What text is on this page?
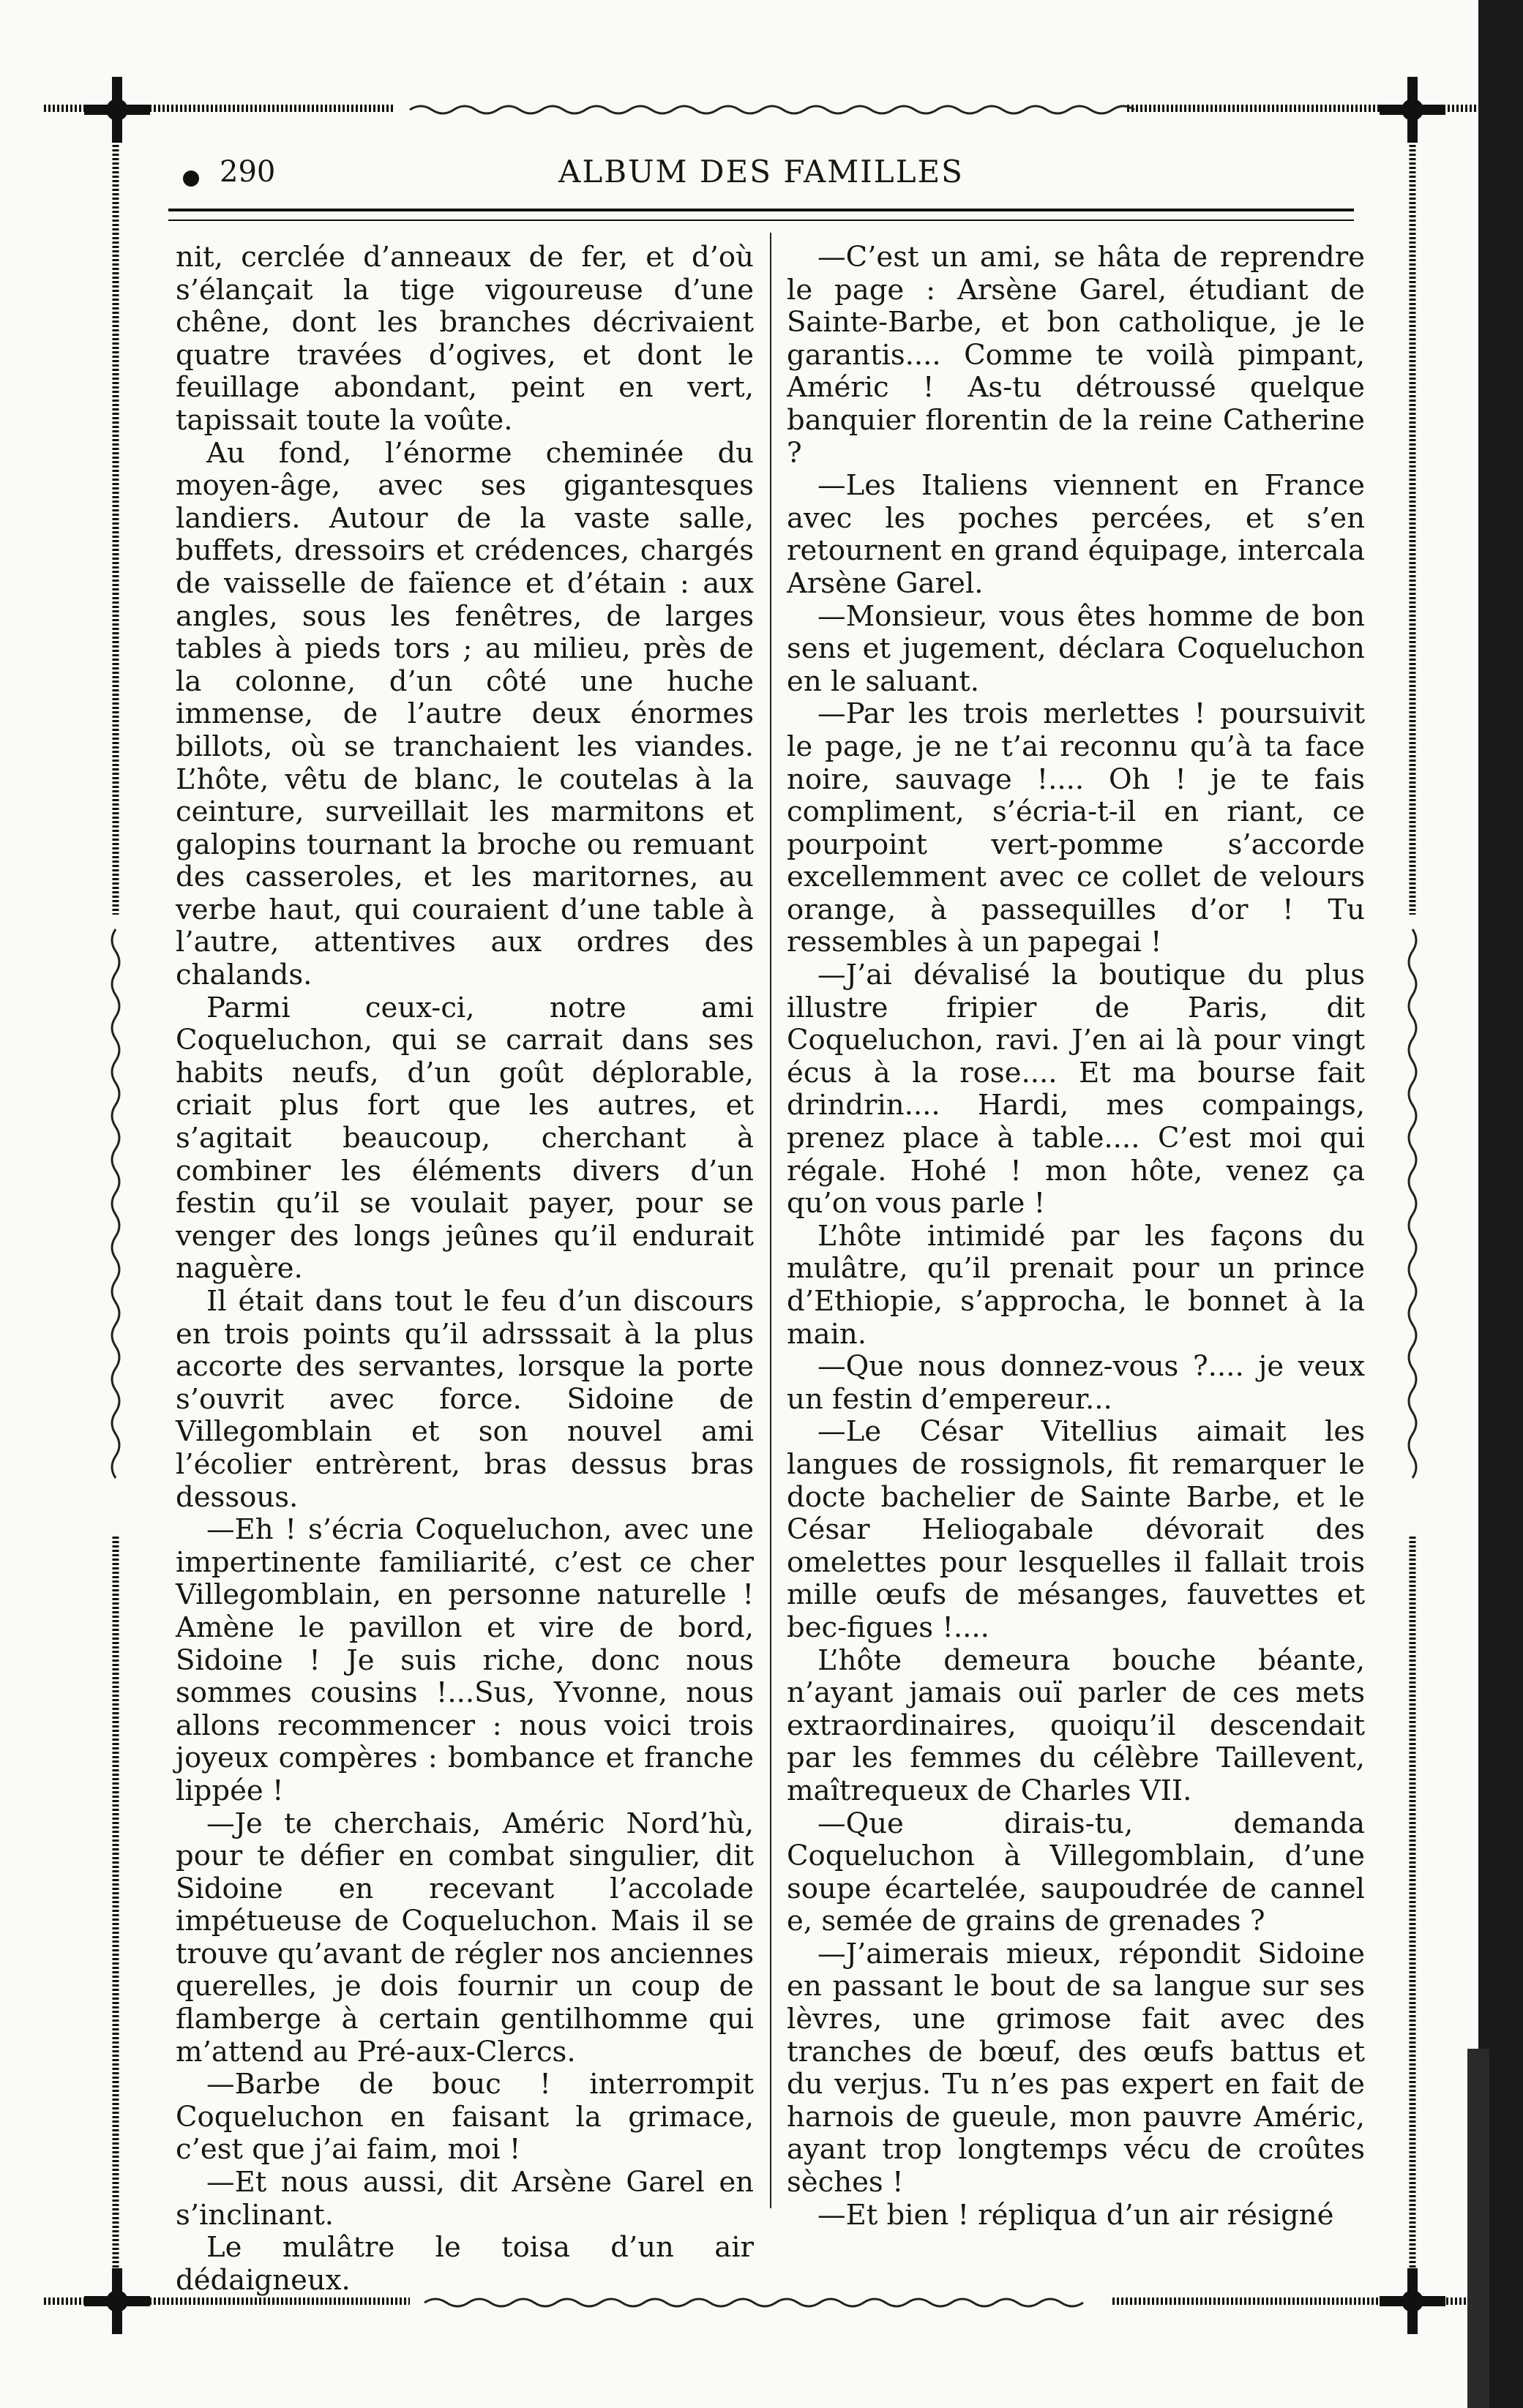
290	ALBUM DES FAMILLES

nit, cerclée d’anneaux de fer, et d’où s’élançait la tige vigoureuse d’une chêne, dont les branches décrivaient quatre travées d’ogives, et dont le feuillage abondant, peint en vert, tapissait toute la voûte.

Au fond, l’énorme cheminée du moyen-âge, avec ses gigantesques landiers. Autour de la vaste salle, buffets, dressoirs et crédences, chargés de vaisselle de faïence et d’étain : aux angles, sous les fenêtres, de larges tables à pieds tors ; au milieu, près de la colonne, d’un côté une huche immense, de l’autre deux énormes billots, où se tranchaient les viandes. L’hôte, vêtu de blanc, le coutelas à la ceinture, surveillait les marmitons et galopins tournant la broche ou remuant des casseroles, et les maritornes, au verbe haut, qui couraient d’une table à l’autre, attentives aux ordres des chalands.

Parmi ceux-ci, notre ami Coqueluchon, qui se carrait dans ses habits neufs, d’un goût déplorable, criait plus fort que les autres, et s’agitait beaucoup, cherchant à combiner les éléments divers d’un festin qu’il se voulait payer, pour se venger des longs jeûnes qu’il endurait naguère.

Il était dans tout le feu d’un discours en trois points qu’il adrsssait à la plus accorte des servantes, lorsque la porte s’ouvrit avec force. Sidoine de Villegomblain et son nouvel ami l’écolier entrèrent, bras dessus bras dessous.

—Eh ! s’écria Coqueluchon, avec une impertinente familiarité, c’est ce cher Villegomblain, en personne naturelle ! Amène le pavillon et vire de bord, Sidoine ! Je suis riche, donc nous sommes cousins !...Sus, Yvonne, nous allons recommencer : nous voici trois joyeux compères : bombance et franche lippée !

—Je te cherchais, Améric Nord’hù, pour te défier en combat singulier, dit Sidoine en recevant l’accolade impétueuse de Coqueluchon. Mais il se trouve qu’avant de régler nos anciennes querelles, je dois fournir un coup de flamberge à certain gentilhomme qui m’attend au Pré-aux-Clercs.

—Barbe de bouc ! interrompit Coqueluchon en faisant la grimace, c’est que j’ai faim, moi !

—Et nous aussi, dit Arsène Garel en s’inclinant.

Le mulâtre le toisa d’un air dédaigneux.

—C’est un ami, se hâta de reprendre le page : Arsène Garel, étudiant de Sainte-Barbe, et bon catholique, je le garantis.... Comme te voilà pimpant, Améric ! As-tu détroussé quelque banquier florentin de la reine Catherine ?

—Les Italiens viennent en France avec les poches percées, et s’en retournent en grand équipage, intercala Arsène Garel.

—Monsieur, vous êtes homme de bon sens et jugement, déclara Coqueluchon en le saluant.

—Par les trois merlettes ! poursuivit le page, je ne t’ai reconnu qu’à ta face noire, sauvage !.... Oh ! je te fais compliment, s’écria-t-il en riant, ce pourpoint vert-pomme s’accorde excellemment avec ce collet de velours orange, à passequilles d’or ! Tu ressembles à un papegai !

—J’ai dévalisé la boutique du plus illustre fripier de Paris, dit Coqueluchon, ravi. J’en ai là pour vingt écus à la rose.... Et ma bourse fait drindrin.... Hardi, mes compaings, prenez place à table.... C’est moi qui régale. Hohé ! mon hôte, venez ça qu’on vous parle !

L’hôte intimidé par les façons du mulâtre, qu’il prenait pour un prince d’Ethiopie, s’approcha, le bonnet à la main.

—Que nous donnez-vous ?.... je veux un festin d’empereur...

—Le César Vitellius aimait les langues de rossignols, fit remarquer le docte bachelier de Sainte Barbe, et le César Heliogabale dévorait des omelettes pour lesquelles il fallait trois mille œufs de mésanges, fauvettes et bec-figues !....

L’hôte demeura bouche béante, n’ayant jamais ouï parler de ces mets extraordinaires, quoiqu’il descendait par les femmes du célèbre Taillevent, maîtrequeux de Charles VII.

—Que dirais-tu, demanda Coqueluchon à Villegomblain, d’une soupe écartelée, saupoudrée de cannel e, semée de grains de grenades ?

—J’aimerais mieux, répondit Sidoine en passant le bout de sa langue sur ses lèvres, une grimose fait avec des tranches de bœuf, des œufs battus et du verjus. Tu n’es pas expert en fait de harnois de gueule, mon pauvre Améric, ayant trop longtemps vécu de croûtes sèches !

—Et bien ! répliqua d’un air résigné
